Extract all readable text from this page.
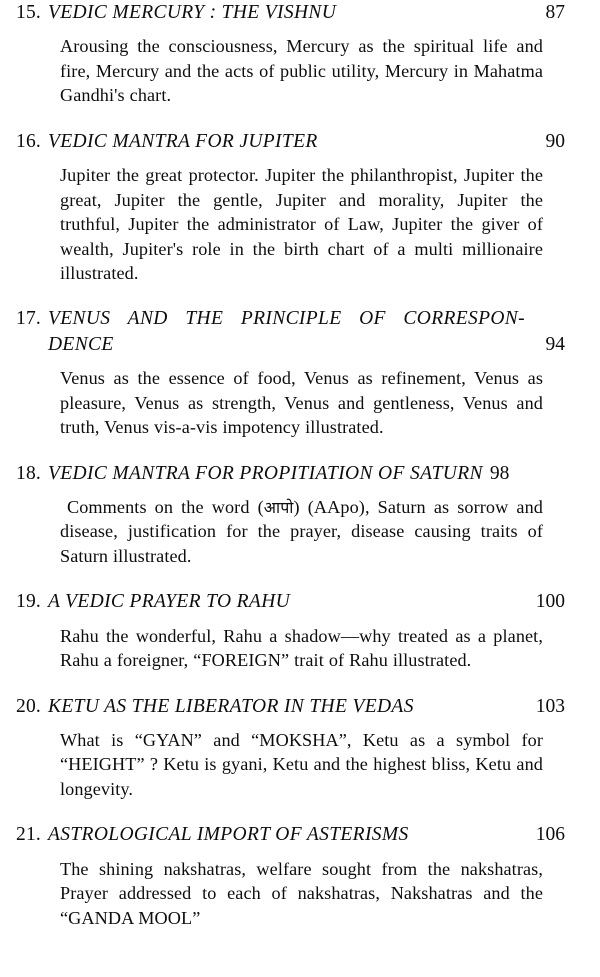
15. VEDIC MERCURY : THE VISHNU	87

Arousing the consciousness, Mercury as the spiritual life and fire, Mercury and the acts of public utility, Mercury in Mahatma Gandhi's chart.

16. VEDIC MANTRA FOR JUPITER	90

Jupiter the great protector. Jupiter the philanthropist, Jupiter the great, Jupiter the gentle, Jupiter and morality, Jupiter the truthful, Jupiter the administrator of Law, Jupiter the giver of wealth, Jupiter's role in the birth chart of a multi millionaire illustrated.

17. VENUS AND THE PRINCIPLE OF CORRESPON-
DENCE	94

Venus as the essence of food, Venus as refinement, Venus as pleasure, Venus as strength, Venus and gentleness, Venus and truth, Venus vis-a-vis impotency illustrated.

18. VEDIC MANTRA FOR PROPITIATION OF SATURN 98

Comments on the word (आपो) (AApo), Saturn as sorrow and disease, justification for the prayer, disease causing traits of Saturn illustrated.

19. A VEDIC PRAYER TO RAHU	100

Rahu the wonderful, Rahu a shadow—why treated as a planet, Rahu a foreigner, “FOREIGN” trait of Rahu illustrated.

20. KETU AS THE LIBERATOR IN THE VEDAS	103

What is “GYAN” and “MOKSHA”, Ketu as a symbol for “HEIGHT” ? Ketu is gyani, Ketu and the highest bliss, Ketu and longevity.

21. ASTROLOGICAL IMPORT OF ASTERISMS	106

The shining nakshatras, welfare sought from the nakshatras, Prayer addressed to each of nakshatras, Nakshatras and the “GANDA MOOL”
